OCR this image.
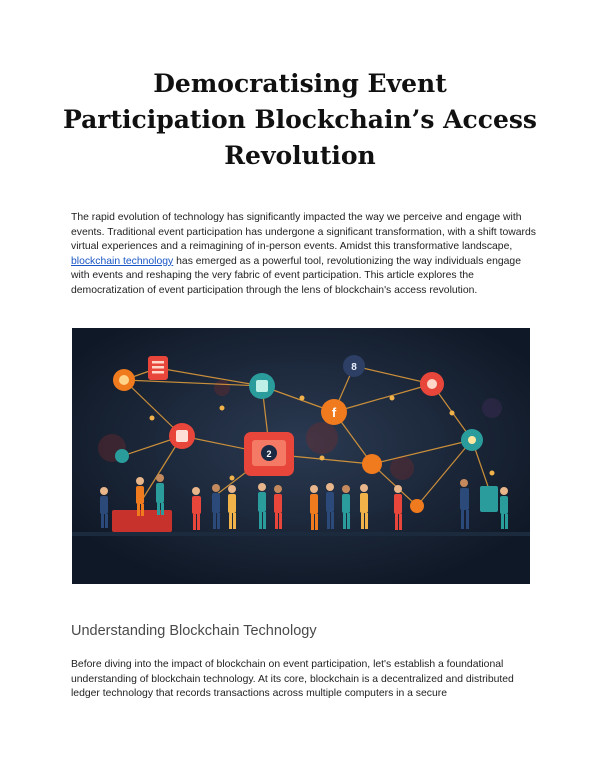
Democratising Event
Participation Blockchain’s Access
Revolution

The rapid evolution of technology has significantly impacted the way we perceive and engage with events. Traditional event participation has undergone a significant transformation, with a shift towards virtual experiences and a reimagining of in-person events. Amidst this transformative landscape, blockchain technology has emerged as a powerful tool, revolutionizing the way individuals engage with events and reshaping the very fabric of event participation. This article explores the democratization of event participation through the lens of blockchain's access revolution.

8
f
2
Understanding Blockchain Technology

Before diving into the impact of blockchain on event participation, let's establish a foundational understanding of blockchain technology. At its core, blockchain is a decentralized and distributed ledger technology that records transactions across multiple computers in a secure
